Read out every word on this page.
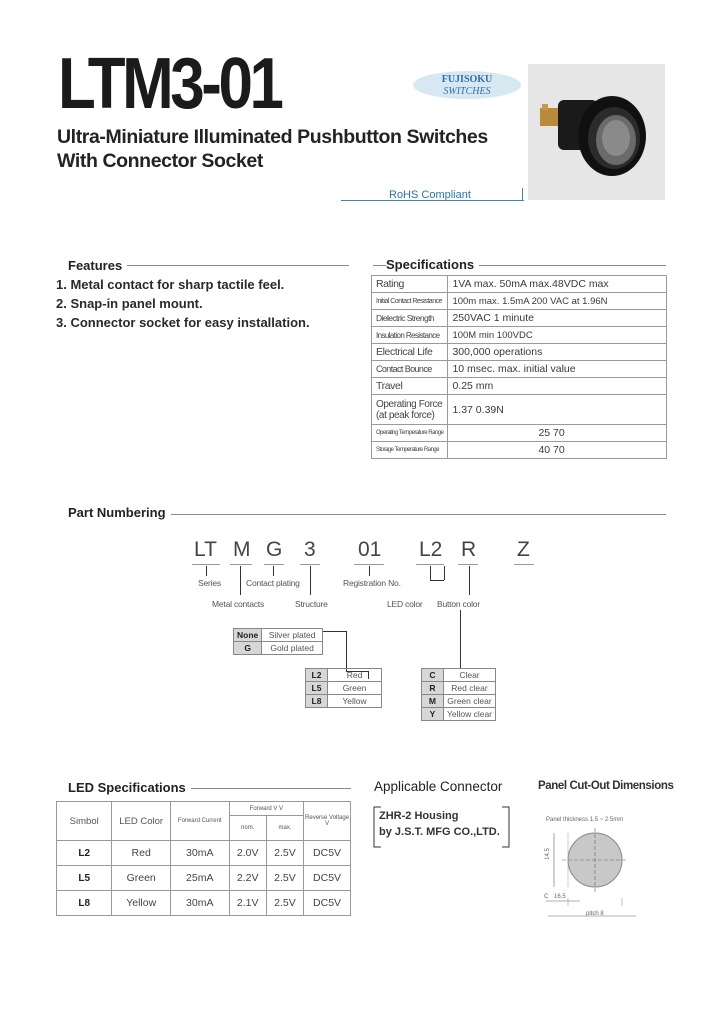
LTM3-01	FUJISOKU
SWITCHES
Ultra-Miniature Illuminated Pushbutton Switches
With Connector Socket
RoHS Compliant
Features
1. Metal contact for sharp tactile feel.
2. Snap-in panel mount.
3. Connector socket for easy installation.
Specifications
Rating	1VA max. 50mA max.48VDC max
Initial Contact Resistance	100m max. 1.5mA 200 VAC at 1.96N
Dielectric Strength	250VAC 1 minute
Insulation Resistance	100M min 100VDC
Electrical Life	300,000 operations
Contact Bounce	10 msec. max. initial value
Travel	0.25 mm
Operating Force (at peak force)	1.37 0.39N
Operating Temperature Range	25 70
Storage Temperature Range	40 70
Part Numbering
LT M G 3 01 L2 R Z
Series	Contact plating	Registration No.
Metal contacts	Structure	LED color Button color
None	Silver plated
G	Gold plated
L2	Red
L5	Green
L8	Yellow
C	Clear
R	Red clear
M	Green clear
Y	Yellow clear
LED Specifications
Simbol	LED Color	Forward Current	Forward V V		Reverse Voltage V
			nom.	max.	
L2	Red	30mA	2.0V	2.5V	DC5V
L5	Green	25mA	2.2V	2.5V	DC5V
L8	Yellow	30mA	2.1V	2.5V	DC5V
Applicable Connector
ZHR-2 Housing
by J.S.T. MFG CO.,LTD.
Panel Cut-Out Dimensions
Panel thickness 1.5 ~ 2.5mm
14.5
16.5
C
pitch 8
